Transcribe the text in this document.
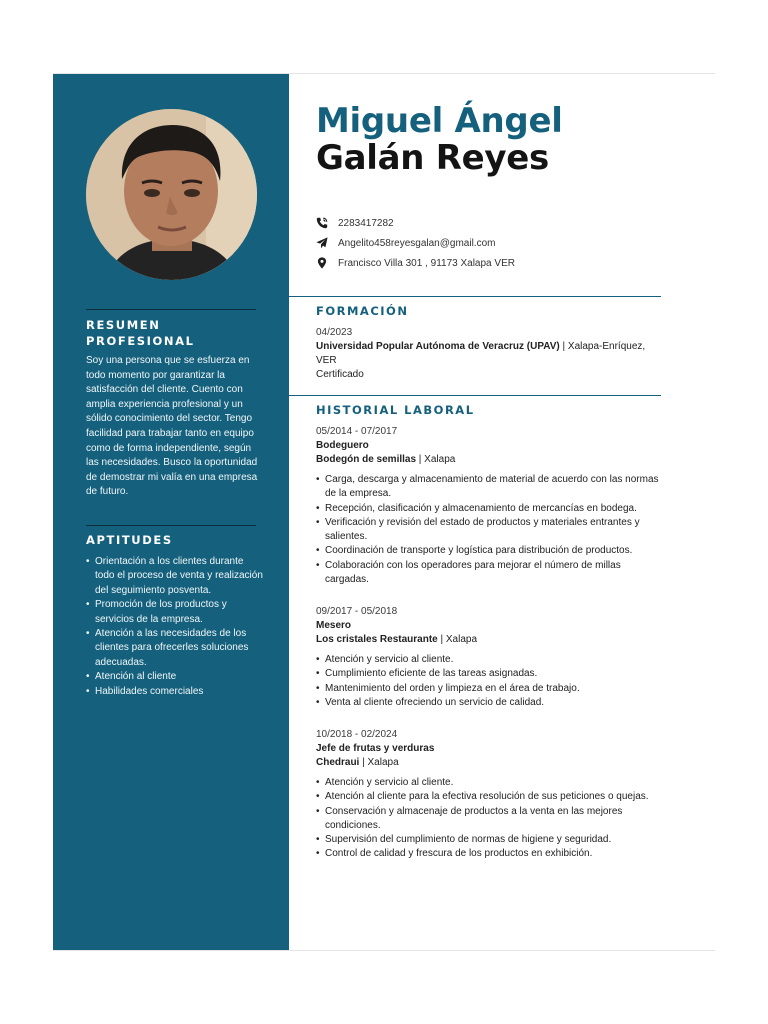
RESUMEN PROFESIONAL

Soy una persona que se esfuerza en todo momento por garantizar la satisfacción del cliente. Cuento con amplia experiencia profesional y un sólido conocimiento del sector. Tengo facilidad para trabajar tanto en equipo como de forma independiente, según las necesidades. Busco la oportunidad de demostrar mi valía en una empresa de futuro.

APTITUDES
• Orientación a los clientes durante todo el proceso de venta y realización del seguimiento posventa.
• Promoción de los productos y servicios de la empresa.
• Atención a las necesidades de los clientes para ofrecerles soluciones adecuadas.
• Atención al cliente
• Habilidades comerciales
Miguel Ángel
Galán Reyes
2283417282
Angelito458reyesgalan@gmail.com
Francisco Villa 301 , 91173 Xalapa VER
FORMACIÓN
04/2023
Universidad Popular Autónoma de Veracruz (UPAV) | Xalapa-Enríquez, VER
Certificado
HISTORIAL LABORAL
05/2014 - 07/2017
Bodeguero
Bodegón de semillas | Xalapa
• Carga, descarga y almacenamiento de material de acuerdo con las normas de la empresa.
• Recepción, clasificación y almacenamiento de mercancías en bodega.
• Verificación y revisión del estado de productos y materiales entrantes y salientes.
• Coordinación de transporte y logística para distribución de productos.
• Colaboración con los operadores para mejorar el número de millas cargadas.
09/2017 - 05/2018
Mesero
Los cristales Restaurante | Xalapa
• Atención y servicio al cliente.
• Cumplimiento eficiente de las tareas asignadas.
• Mantenimiento del orden y limpieza en el área de trabajo.
• Venta al cliente ofreciendo un servicio de calidad.
10/2018 - 02/2024
Jefe de frutas y verduras
Chedraui | Xalapa
• Atención y servicio al cliente.
• Atención al cliente para la efectiva resolución de sus peticiones o quejas.
• Conservación y almacenaje de productos a la venta en las mejores condiciones.
• Supervisión del cumplimiento de normas de higiene y seguridad.
• Control de calidad y frescura de los productos en exhibición.
